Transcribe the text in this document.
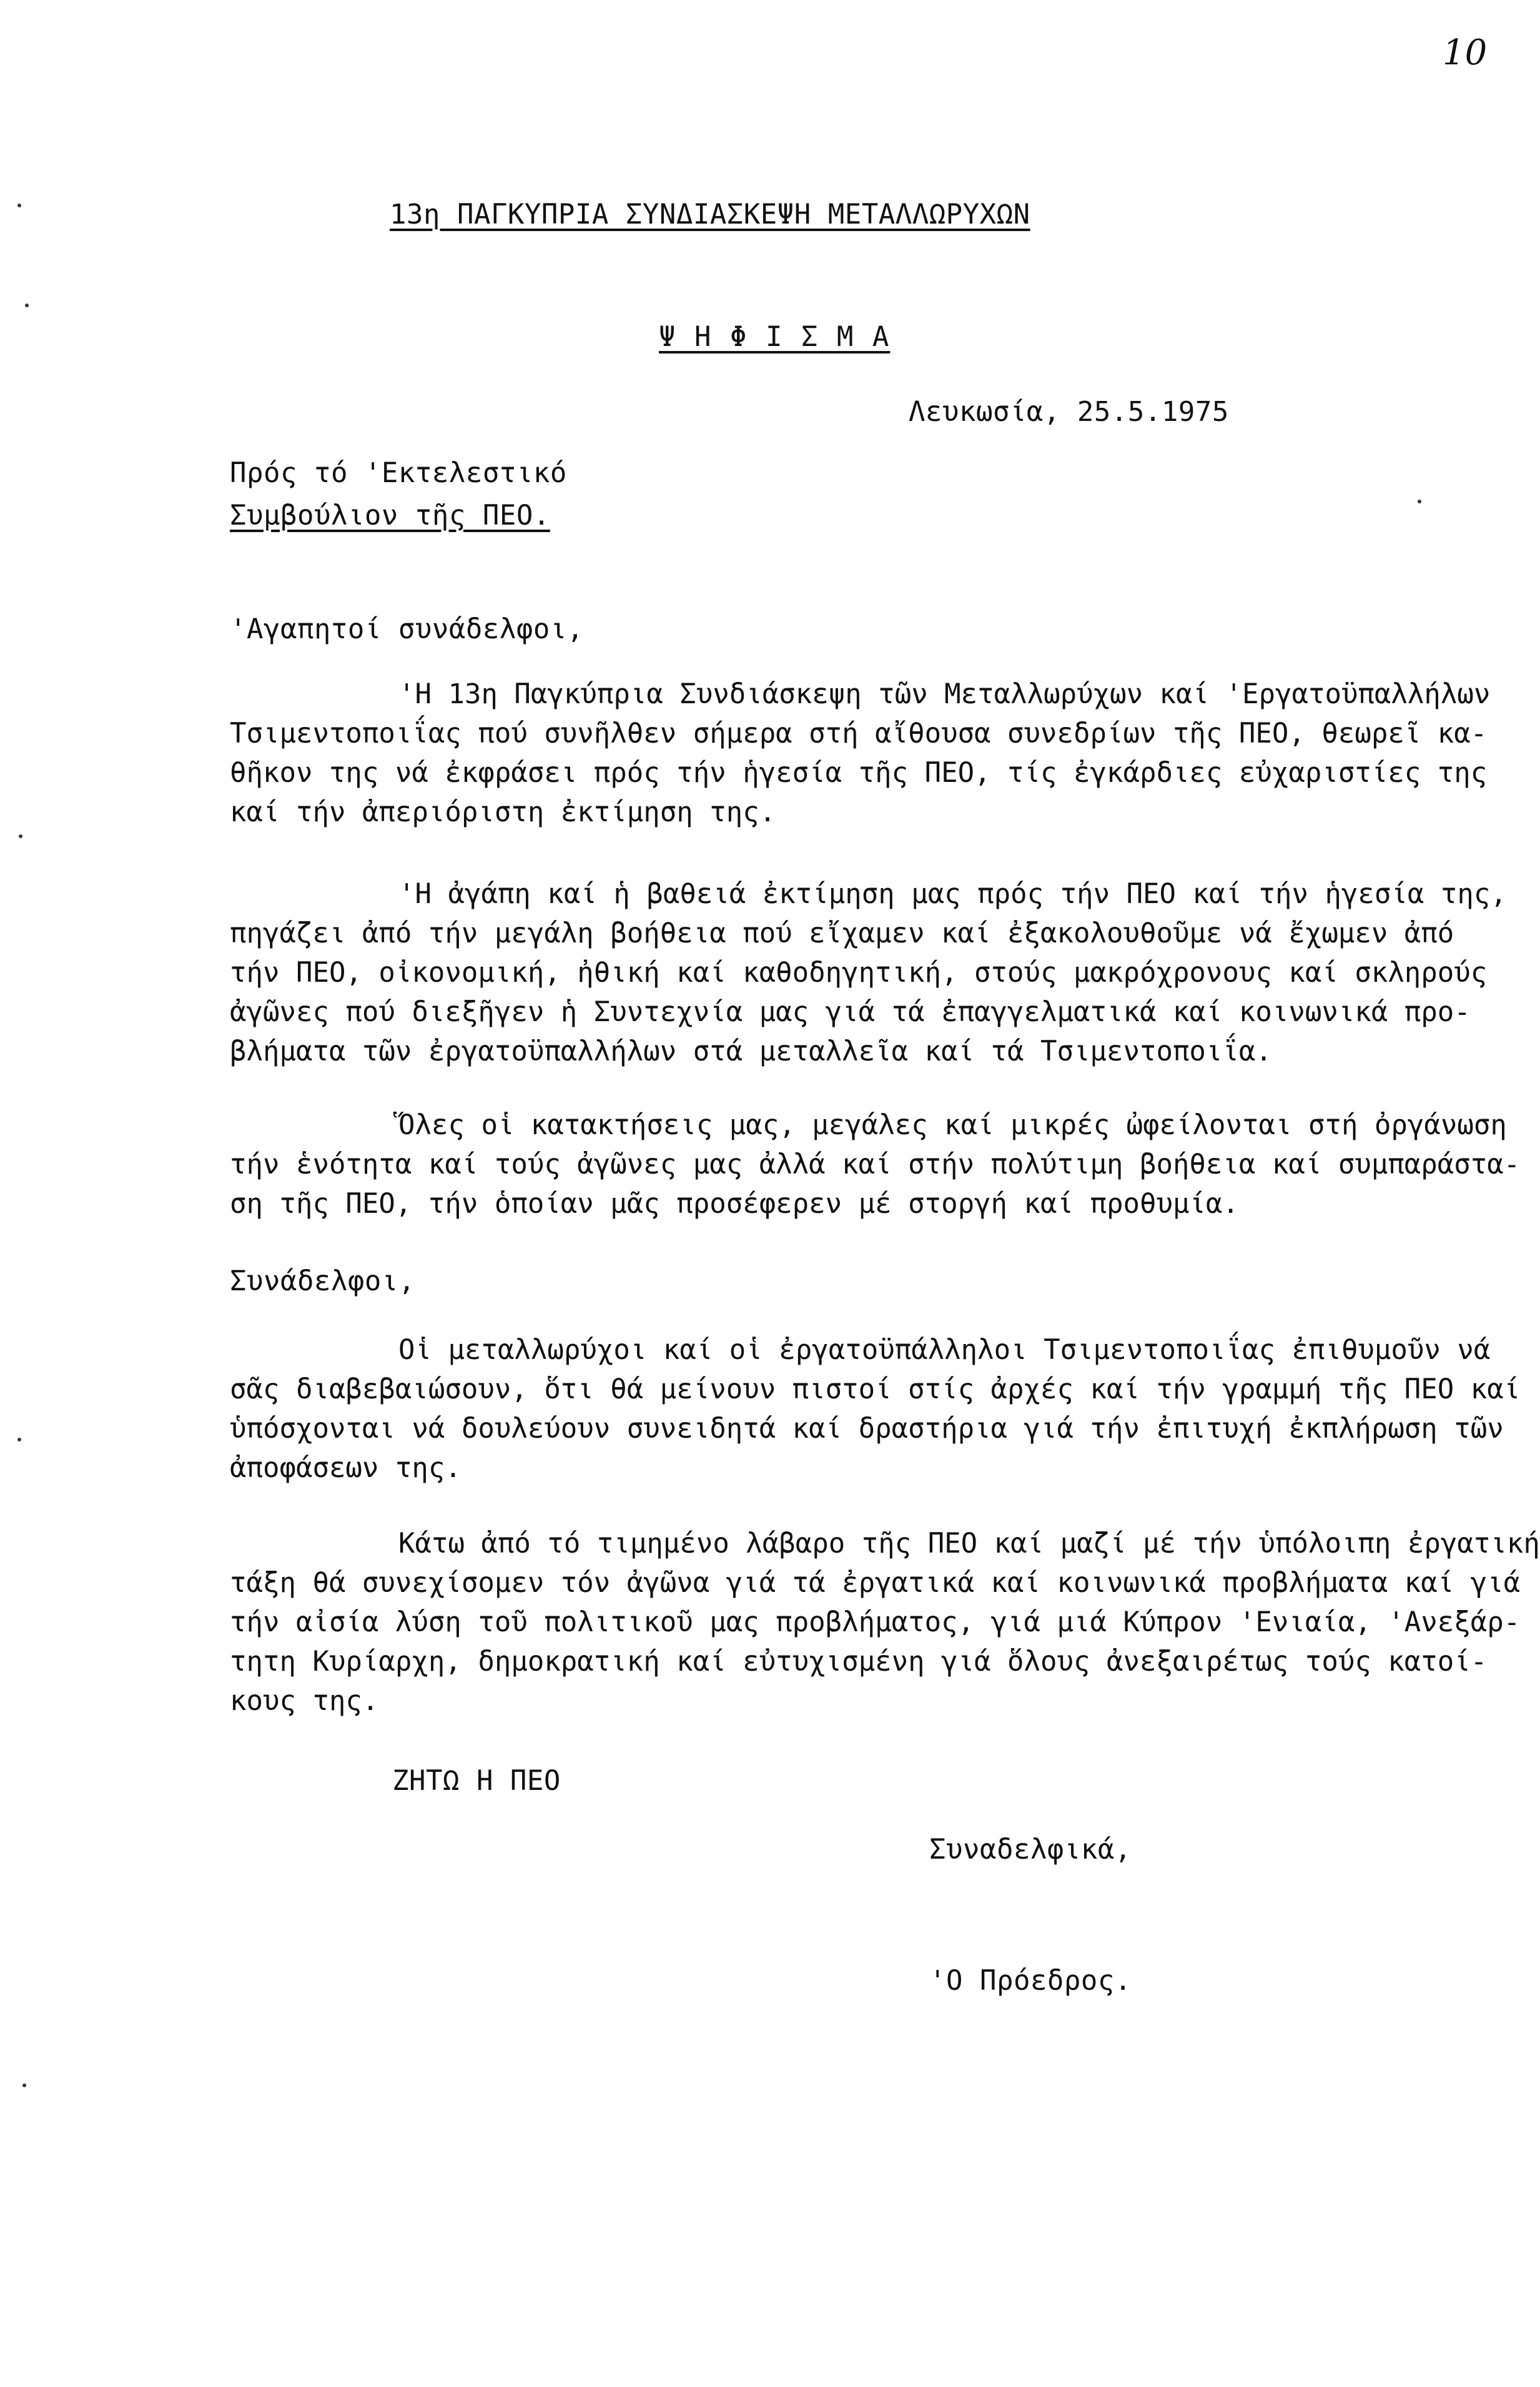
10
13η ΠΑΓΚΥΠΡΙΑ ΣΥΝΔΙΑΣΚΕΨΗ ΜΕΤΑΛΛΩΡΥΧΩΝ
Ψ Η Φ Ι Σ Μ Α
Λευκωσία, 25.5.1975
Πρός τό 'Εκτελεστικό
Συμβούλιον τῆς ΠΕΟ.
'Αγαπητοί συνάδελφοι,
'Η 13η Παγκύπρια Συνδιάσκεψη τῶν Μεταλλωρύχων καί 'Εργατοϋπαλλήλων
Τσιμεντοποιΐας πού συνῆλθεν σήμερα στή αἴθουσα συνεδρίων τῆς ΠΕΟ, θεωρεῖ κα-
θῆκον της νά ἐκφράσει πρός τήν ἡγεσία τῆς ΠΕΟ, τίς ἐγκάρδιες εὐχαριστίες της
καί τήν ἀπεριόριστη ἐκτίμηση της.
'Η ἀγάπη καί ἡ βαθειά ἐκτίμηση μας πρός τήν ΠΕΟ καί τήν ἡγεσία της,
πηγάζει ἀπό τήν μεγάλη βοήθεια πού εἴχαμεν καί ἐξακολουθοῦμε νά ἔχωμεν ἀπό
τήν ΠΕΟ, οἰκονομική, ἠθική καί καθοδηγητική, στούς μακρόχρονους καί σκληρούς
ἀγῶνες πού διεξῆγεν ἡ Συντεχνία μας γιά τά ἐπαγγελματικά καί κοινωνικά προ-
βλήματα τῶν ἐργατοϋπαλλήλων στά μεταλλεῖα καί τά Τσιμεντοποιΐα.
Ὅλες οἱ κατακτήσεις μας, μεγάλες καί μικρές ὠφείλονται στή ὀργάνωση
τήν ἑνότητα καί τούς ἀγῶνες μας ἀλλά καί στήν πολύτιμη βοήθεια καί συμπαράστα-
ση τῆς ΠΕΟ, τήν ὁποίαν μᾶς προσέφερεν μέ στοργή καί προθυμία.
Συνάδελφοι,
Οἱ μεταλλωρύχοι καί οἱ ἐργατοϋπάλληλοι Τσιμεντοποιΐας ἐπιθυμοῦν νά
σᾶς διαβεβαιώσουν, ὅτι θά μείνουν πιστοί στίς ἀρχές καί τήν γραμμή τῆς ΠΕΟ καί
ὑπόσχονται νά δουλεύουν συνειδητά καί δραστήρια γιά τήν ἐπιτυχή ἐκπλήρωση τῶν
ἀποφάσεων της.
Κάτω ἀπό τό τιμημένο λάβαρο τῆς ΠΕΟ καί μαζί μέ τήν ὑπόλοιπη ἐργατική
τάξη θά συνεχίσομεν τόν ἀγῶνα γιά τά ἐργατικά καί κοινωνικά προβλήματα καί γιά
τήν αἰσία λύση τοῦ πολιτικοῦ μας προβλήματος, γιά μιά Κύπρον 'Ενιαία, 'Ανεξάρ-
τητη Κυρίαρχη, δημοκρατική καί εὐτυχισμένη γιά ὅλους ἀνεξαιρέτως τούς κατοί-
κους της.
ΖΗΤΩ Η ΠΕΟ
Συναδελφικά,
'Ο Πρόεδρος.
